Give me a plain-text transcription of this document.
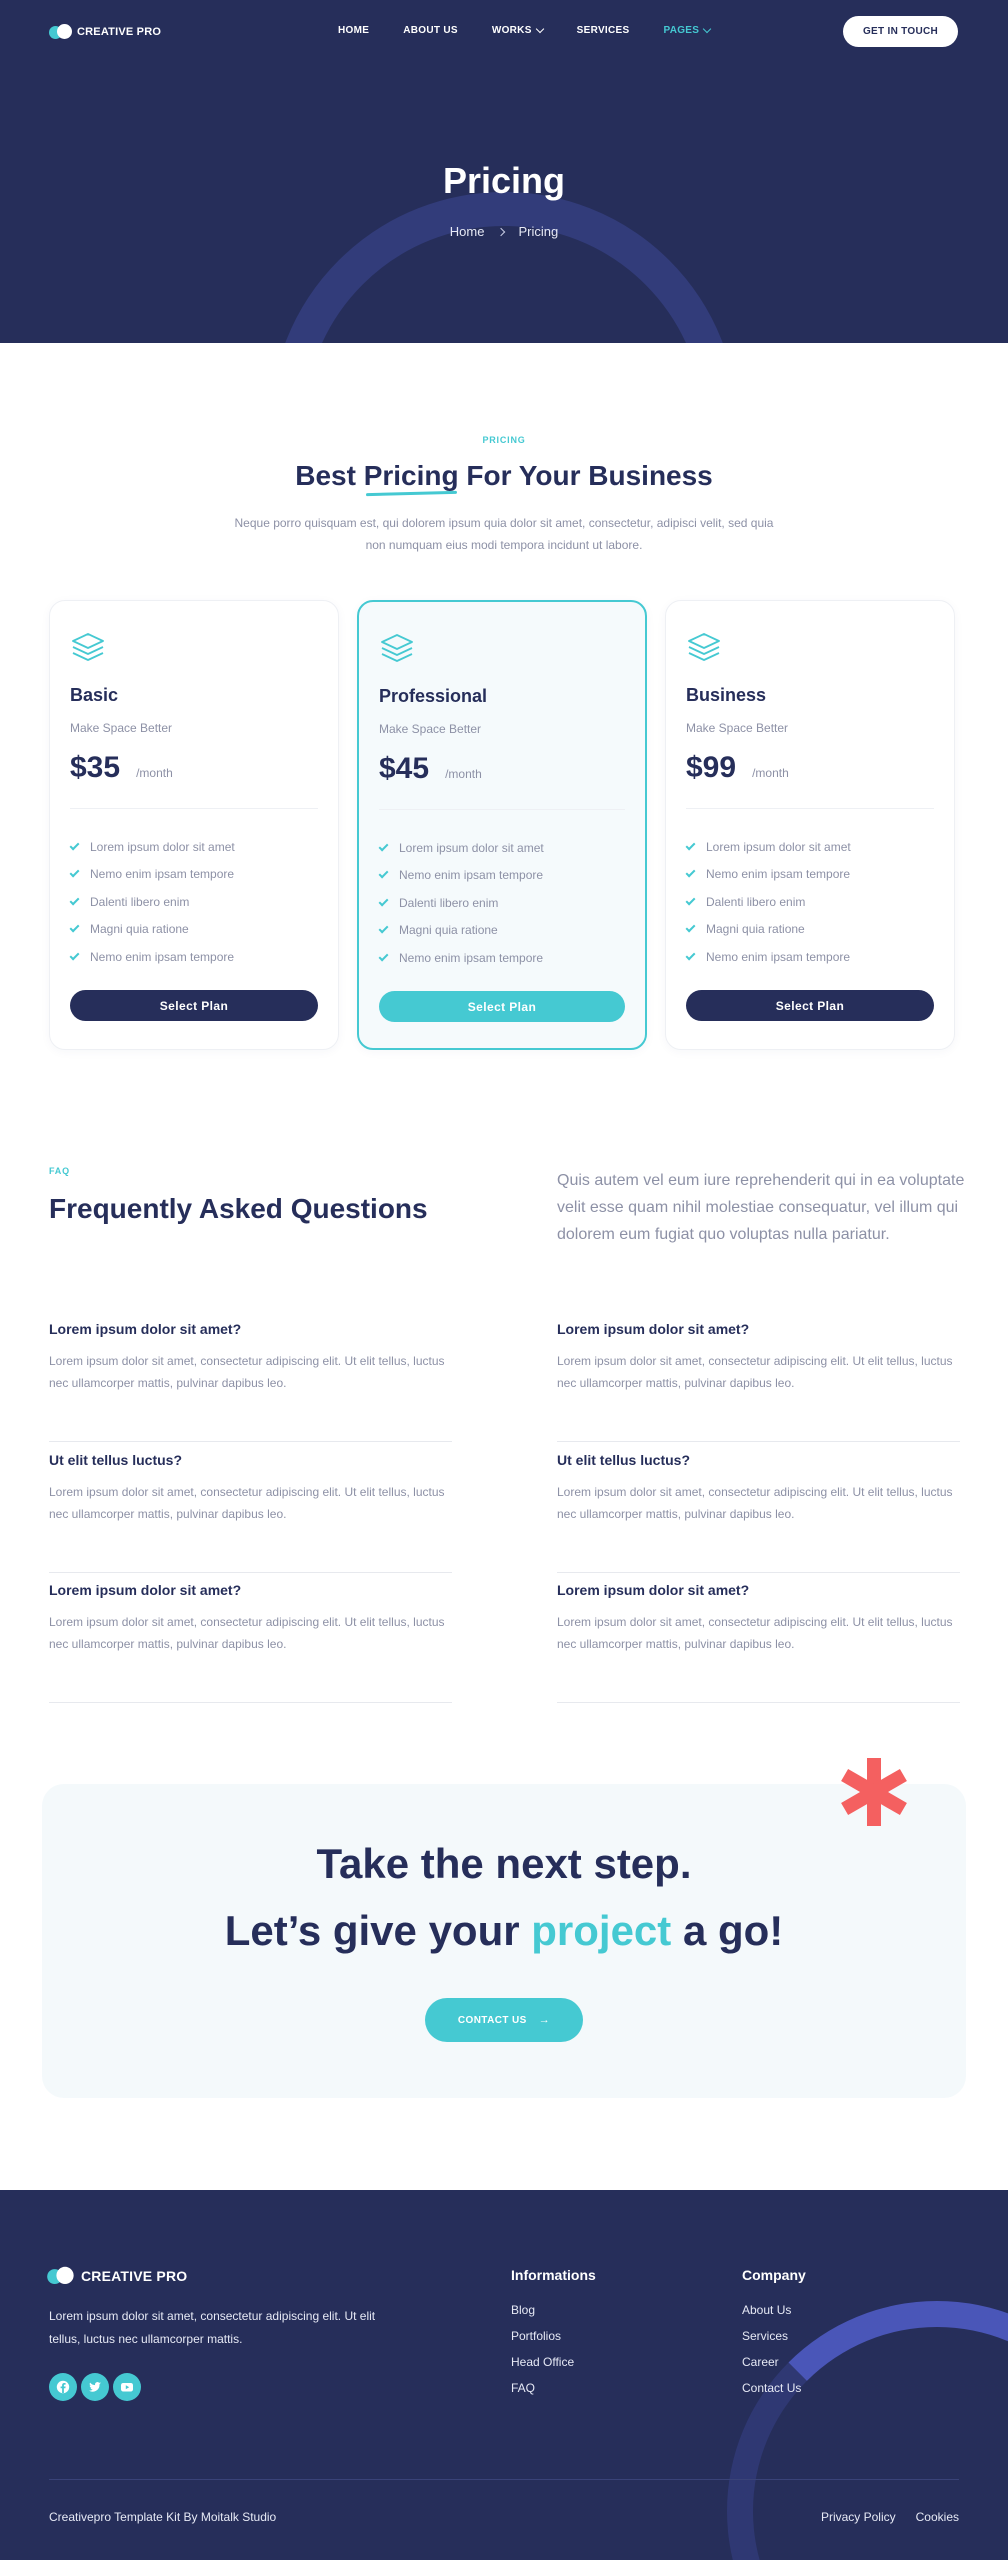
CREATIVE PRO	HOME	ABOUT US	WORKS	SERVICES	PAGES	GET IN TOUCH
Pricing
Home	Pricing
PRICING
Best Pricing For Your Business

Neque porro quisquam est, qui dolorem ipsum quia dolor sit amet, consectetur, adipisci velit, sed quia non numquam eius modi tempora incidunt ut labore.

Basic
Make Space Better
$35 /month
Lorem ipsum dolor sit amet
Nemo enim ipsam tempore
Dalenti libero enim
Magni quia ratione
Nemo enim ipsam tempore
Select Plan
Professional
Make Space Better
$45 /month
Lorem ipsum dolor sit amet
Nemo enim ipsam tempore
Dalenti libero enim
Magni quia ratione
Nemo enim ipsam tempore
Select Plan
Business
Make Space Better
$99 /month
Lorem ipsum dolor sit amet
Nemo enim ipsam tempore
Dalenti libero enim
Magni quia ratione
Nemo enim ipsam tempore
Select Plan
FAQ
Frequently Asked Questions

Quis autem vel eum iure reprehenderit qui in ea voluptate velit esse quam nihil molestiae consequatur, vel illum qui dolorem eum fugiat quo voluptas nulla pariatur.

Lorem ipsum dolor sit amet?
Lorem ipsum dolor sit amet, consectetur adipiscing elit. Ut elit tellus, luctus nec ullamcorper mattis, pulvinar dapibus leo.
Lorem ipsum dolor sit amet?
Lorem ipsum dolor sit amet, consectetur adipiscing elit. Ut elit tellus, luctus nec ullamcorper mattis, pulvinar dapibus leo.
Ut elit tellus luctus?
Lorem ipsum dolor sit amet, consectetur adipiscing elit. Ut elit tellus, luctus nec ullamcorper mattis, pulvinar dapibus leo.
Ut elit tellus luctus?
Lorem ipsum dolor sit amet, consectetur adipiscing elit. Ut elit tellus, luctus nec ullamcorper mattis, pulvinar dapibus leo.
Lorem ipsum dolor sit amet?
Lorem ipsum dolor sit amet, consectetur adipiscing elit. Ut elit tellus, luctus nec ullamcorper mattis, pulvinar dapibus leo.
Lorem ipsum dolor sit amet?
Lorem ipsum dolor sit amet, consectetur adipiscing elit. Ut elit tellus, luctus nec ullamcorper mattis, pulvinar dapibus leo.
Take the next step.
Let’s give your project a go!
CONTACT US →
CREATIVE PRO

Lorem ipsum dolor sit amet, consectetur adipiscing elit. Ut elit tellus, luctus nec ullamcorper mattis.

Informations
Blog
Portfolios
Head Office
FAQ
Company
About Us
Services
Career
Contact Us
Creativepro Template Kit By Moitalk Studio	Privacy Policy Cookies
